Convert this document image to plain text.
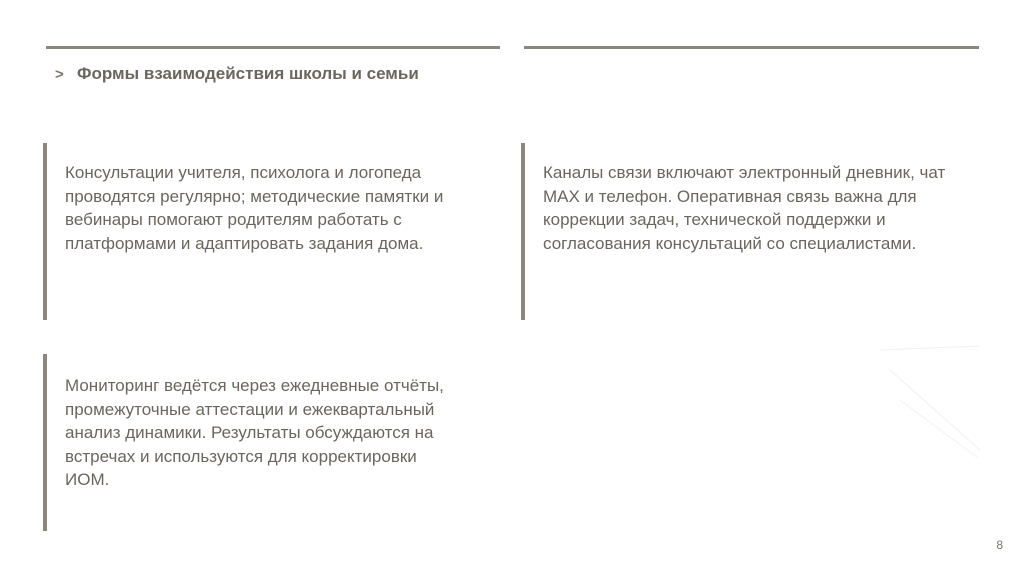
> Формы взаимодействия школы и семьи

Консультации учителя, психолога и логопеда проводятся регулярно; методические памятки и вебинары помогают родителям работать с платформами и адаптировать задания дома.

Каналы связи включают электронный дневник, чат MAX и телефон. Оперативная связь важна для коррекции задач, технической поддержки и согласования консультаций со специалистами.

Мониторинг ведётся через ежедневные отчёты, промежуточные аттестации и ежеквартальный анализ динамики. Результаты обсуждаются на встречах и используются для корректировки ИОМ.

8
